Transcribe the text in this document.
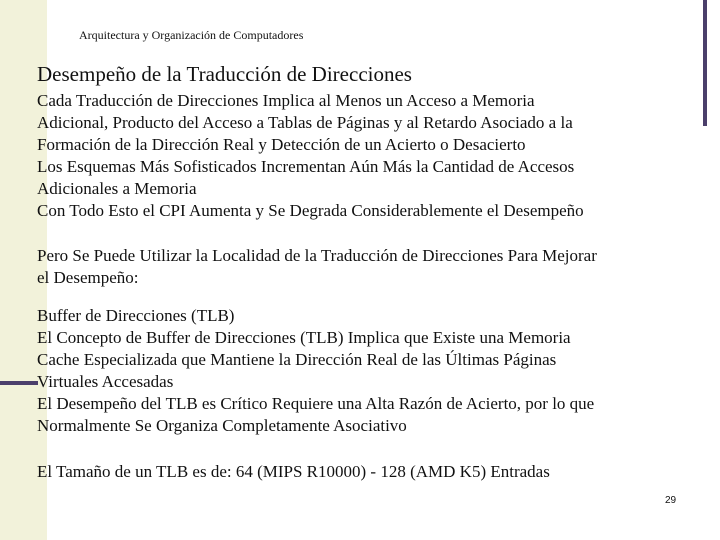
Arquitectura y Organización de Computadores
Desempeño de la Traducción de Direcciones
Cada Traducción de Direcciones Implica al Menos un Acceso a Memoria
Adicional, Producto del Acceso a Tablas de Páginas y al Retardo Asociado a la
Formación de la Dirección Real y Detección de un Acierto o Desacierto
Los Esquemas Más Sofisticados Incrementan Aún Más la Cantidad de Accesos
Adicionales a Memoria
Con Todo Esto el CPI Aumenta y Se Degrada Considerablemente el Desempeño
Pero Se Puede Utilizar la Localidad de la Traducción de Direcciones Para Mejorar
el Desempeño:
Buffer de Direcciones (TLB)
El Concepto de Buffer de Direcciones (TLB) Implica que Existe una Memoria
Cache Especializada que Mantiene la Dirección Real de las Últimas Páginas
Virtuales Accesadas
El Desempeño del TLB es Crítico Requiere una Alta Razón de Acierto, por lo que
Normalmente Se Organiza Completamente Asociativo
El Tamaño de un TLB es de: 64 (MIPS R10000) - 128 (AMD K5) Entradas
29
